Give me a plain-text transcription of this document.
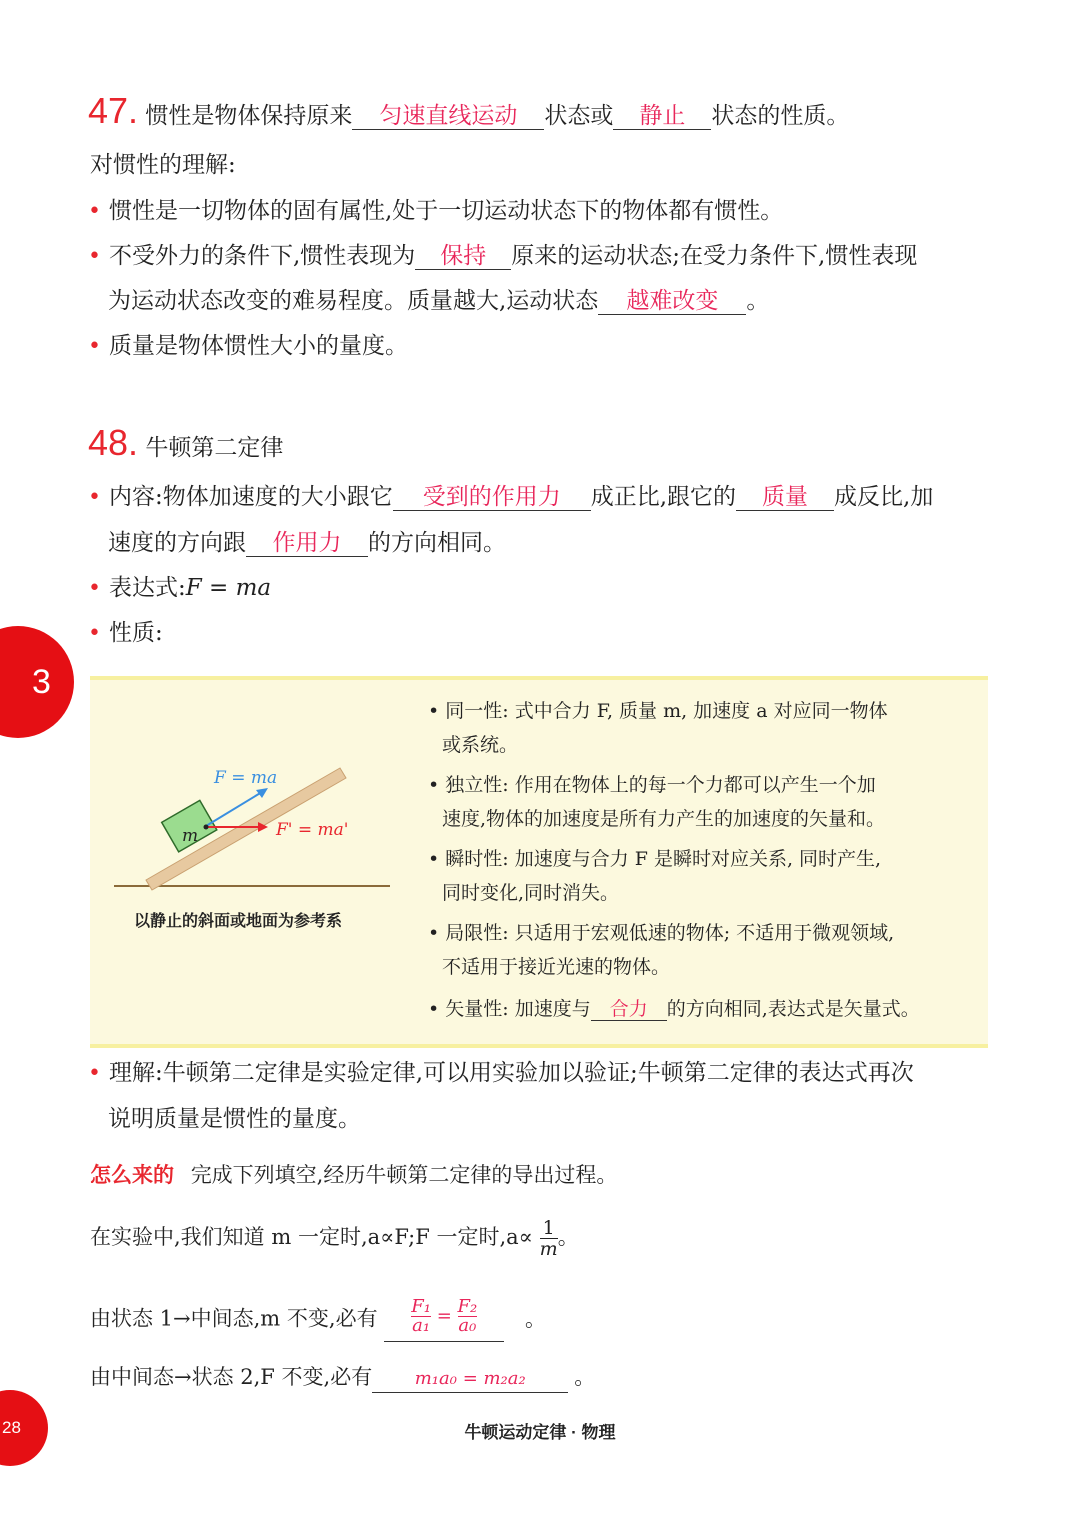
47. 惯性是物体保持原来 匀速直线运动 状态或 静止 状态的性质。
对惯性的理解:
• 惯性是一切物体的固有属性,处于一切运动状态下的物体都有惯性。
• 不受外力的条件下,惯性表现为 保持 原来的运动状态;在受力条件下,惯性表现
为运动状态改变的难易程度。质量越大,运动状态 越难改变 。
• 质量是物体惯性大小的量度。
48. 牛顿第二定律
• 内容:物体加速度的大小跟它 受到的作用力 成正比,跟它的 质量 成反比,加
速度的方向跟 作用力 的方向相同。
• 表达式:F = ma
• 性质:
3
F = ma
m	F' = ma'
以静止的斜面或地面为参考系
• 同一性: 式中合力 F, 质量 m, 加速度 a 对应同一物体
或系统。
• 独立性: 作用在物体上的每一个力都可以产生一个加
速度,物体的加速度是所有力产生的加速度的矢量和。
• 瞬时性: 加速度与合力 F 是瞬时对应关系, 同时产生,
同时变化,同时消失。
• 局限性: 只适用于宏观低速的物体; 不适用于微观领域,
不适用于接近光速的物体。
• 矢量性: 加速度与 合力 的方向相同,表达式是矢量式。
• 理解:牛顿第二定律是实验定律,可以用实验加以验证;牛顿第二定律的表达式再次
说明质量是惯性的量度。
怎么来的 完成下列填空,经历牛顿第二定律的导出过程。
在实验中,我们知道 m 一定时,a∝F;F 一定时$,a\propto \frac{1}{m}$ 。
由状态 1→中间态,m 不变,必有 $\frac{\text{F₁}}{\text{a₁}} = \frac{\text{F₂}}{\text{a₀}}$ 。
由中间态→状态 2,F 不变,必有 m₁a₀ = m₂a₂ 。
28	牛顿运动定律 · 物理
